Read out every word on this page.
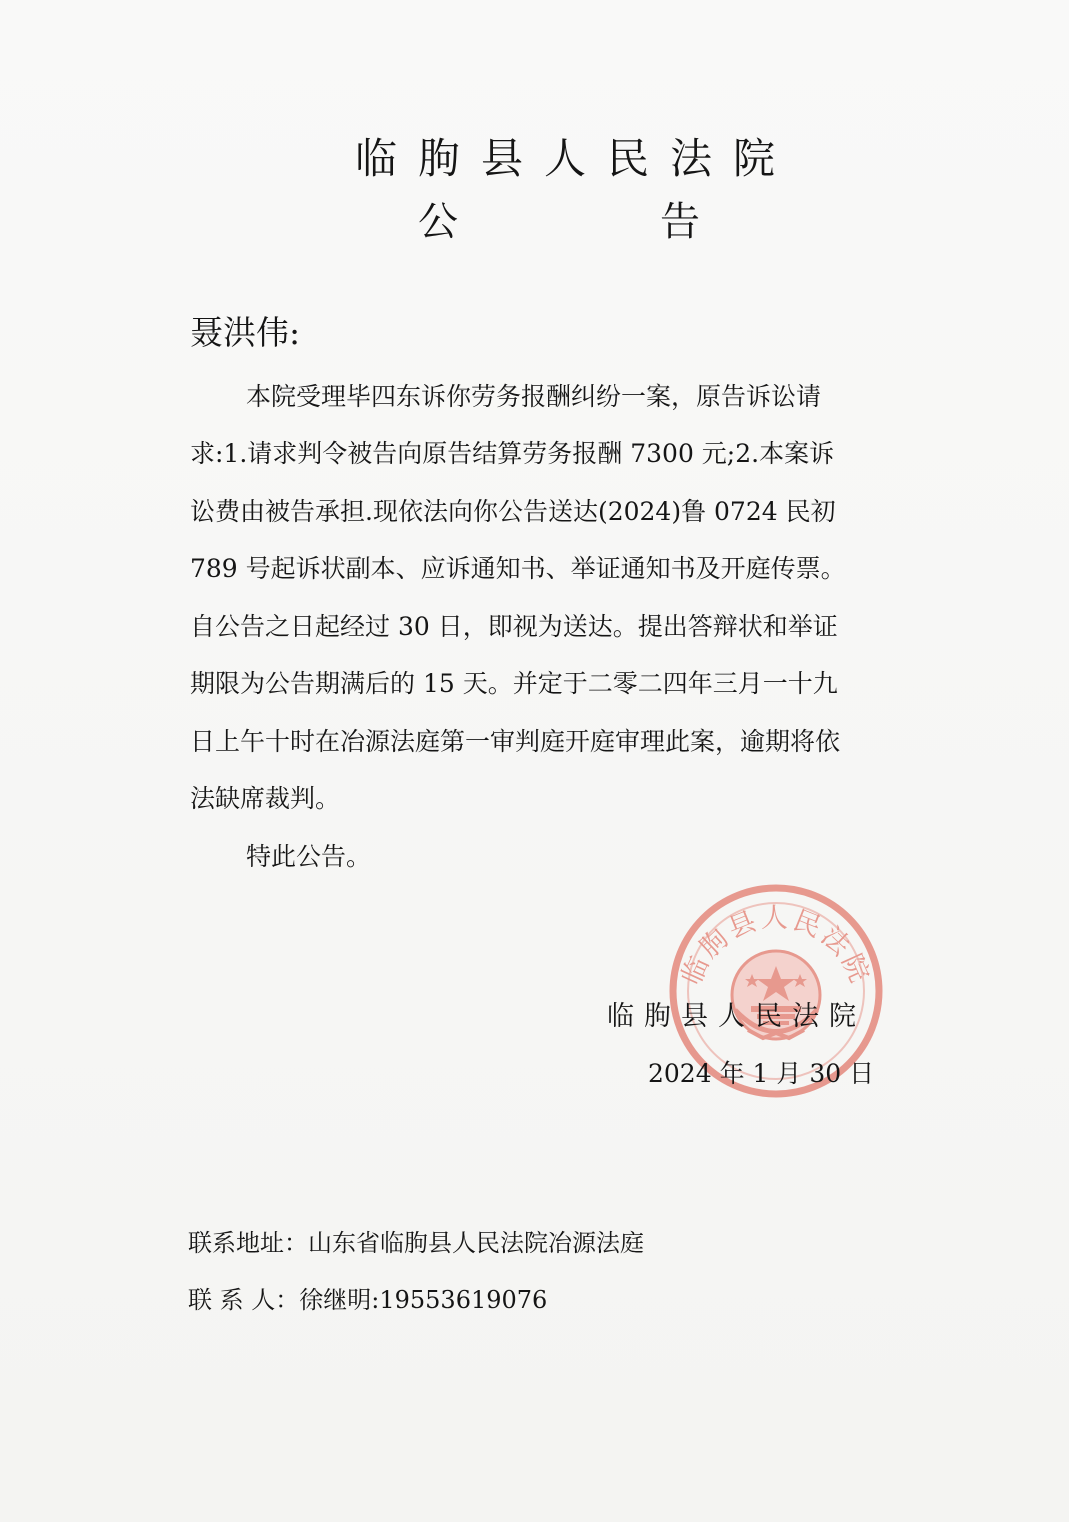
临朐县人民法院
公	告
聂洪伟:
本院受理毕四东诉你劳务报酬纠纷一案，原告诉讼请
求:1.请求判令被告向原告结算劳务报酬 7300 元;2.本案诉
讼费由被告承担.现依法向你公告送达(2024)鲁 0724 民初
789 号起诉状副本、应诉通知书、举证通知书及开庭传票。
自公告之日起经过 30 日，即视为送达。提出答辩状和举证
期限为公告期满后的 15 天。并定于二零二四年三月一十九
日上午十时在冶源法庭第一审判庭开庭审理此案，逾期将依
法缺席裁判。
特此公告。
临朐县人民法院
临朐县人民法院
2024 年 1 月 30 日
联系地址：山东省临朐县人民法院冶源法庭
联 系 人：徐继明:19553619076
